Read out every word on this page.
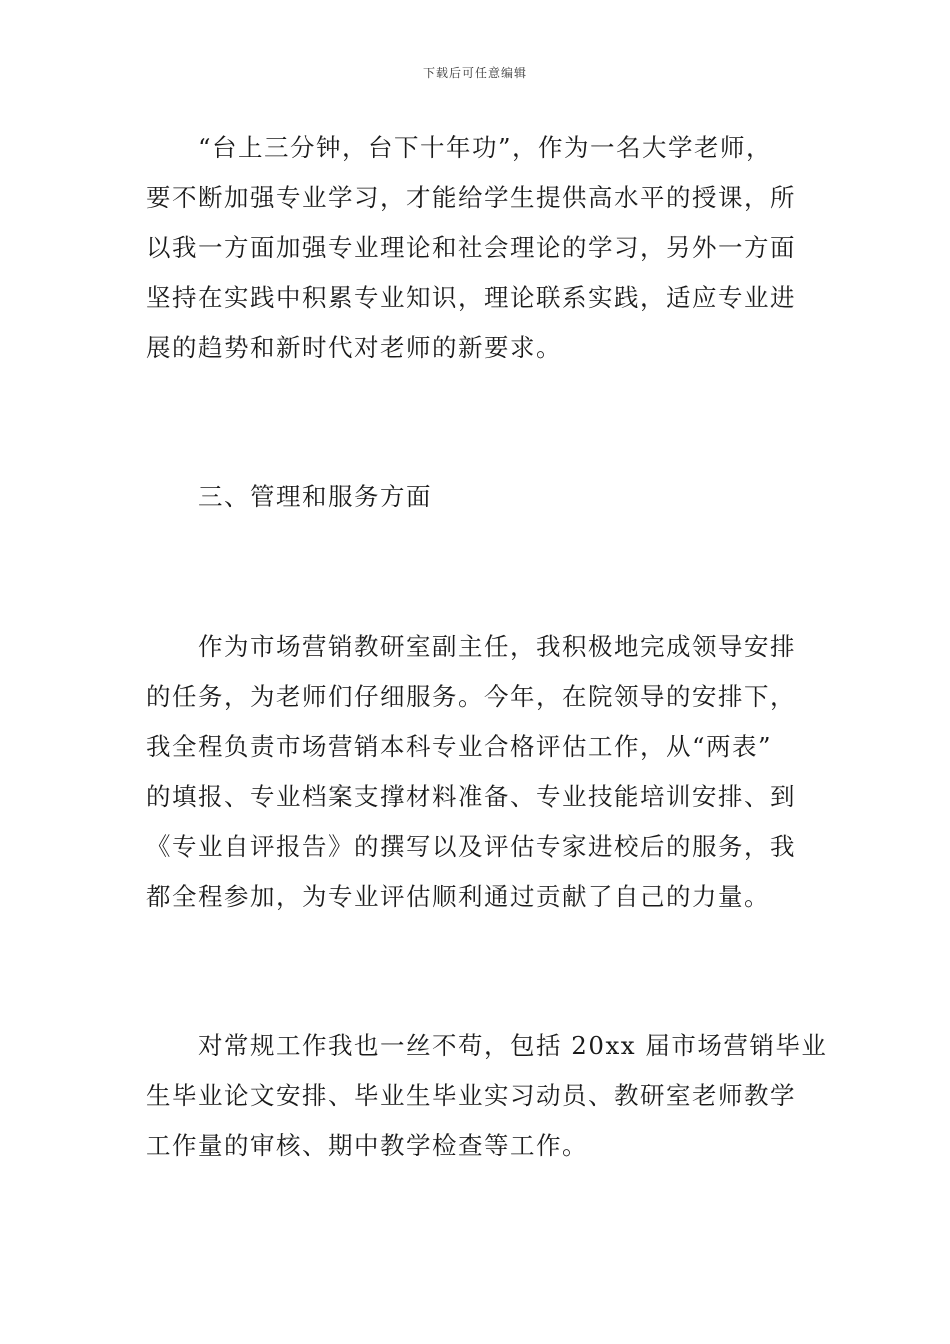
下载后可任意编辑
“台上三分钟，台下十年功”，作为一名大学老师，
要不断加强专业学习，才能给学生提供高水平的授课，所
以我一方面加强专业理论和社会理论的学习，另外一方面
坚持在实践中积累专业知识，理论联系实践，适应专业进
展的趋势和新时代对老师的新要求。
三、管理和服务方面
作为市场营销教研室副主任，我积极地完成领导安排
的任务，为老师们仔细服务。今年，在院领导的安排下，
我全程负责市场营销本科专业合格评估工作，从“两表”
的填报、专业档案支撑材料准备、专业技能培训安排、到
《专业自评报告》的撰写以及评估专家进校后的服务，我
都全程参加，为专业评估顺利通过贡献了自己的力量。
对常规工作我也一丝不苟，包括 20xx 届市场营销毕业
生毕业论文安排、毕业生毕业实习动员、教研室老师教学
工作量的审核、期中教学检查等工作。
